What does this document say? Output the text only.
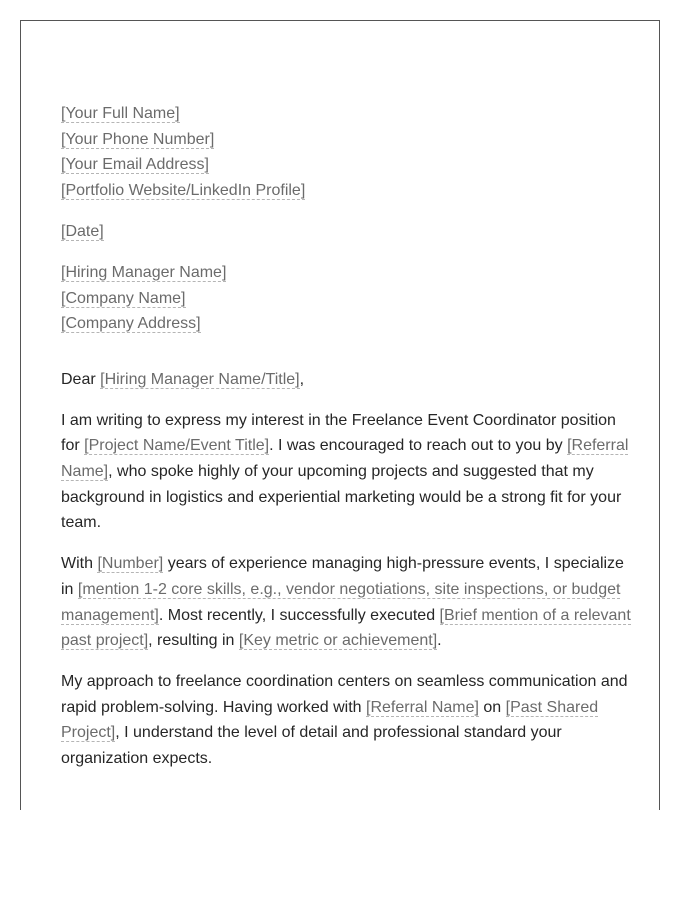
[Your Full Name]
[Your Phone Number]
[Your Email Address]
[Portfolio Website/LinkedIn Profile]
[Date]
[Hiring Manager Name]
[Company Name]
[Company Address]

Dear [Hiring Manager Name/Title],

I am writing to express my interest in the Freelance Event Coordinator position for [Project Name/Event Title]. I was encouraged to reach out to you by [Referral Name], who spoke highly of your upcoming projects and suggested that my background in logistics and experiential marketing would be a strong fit for your team.

With [Number] years of experience managing high-pressure events, I specialize in [mention 1-2 core skills, e.g., vendor negotiations, site inspections, or budget management]. Most recently, I successfully executed [Brief mention of a relevant past project], resulting in [Key metric or achievement].

My approach to freelance coordination centers on seamless communication and rapid problem-solving. Having worked with [Referral Name] on [Past Shared Project], I understand the level of detail and professional standard your organization expects.
